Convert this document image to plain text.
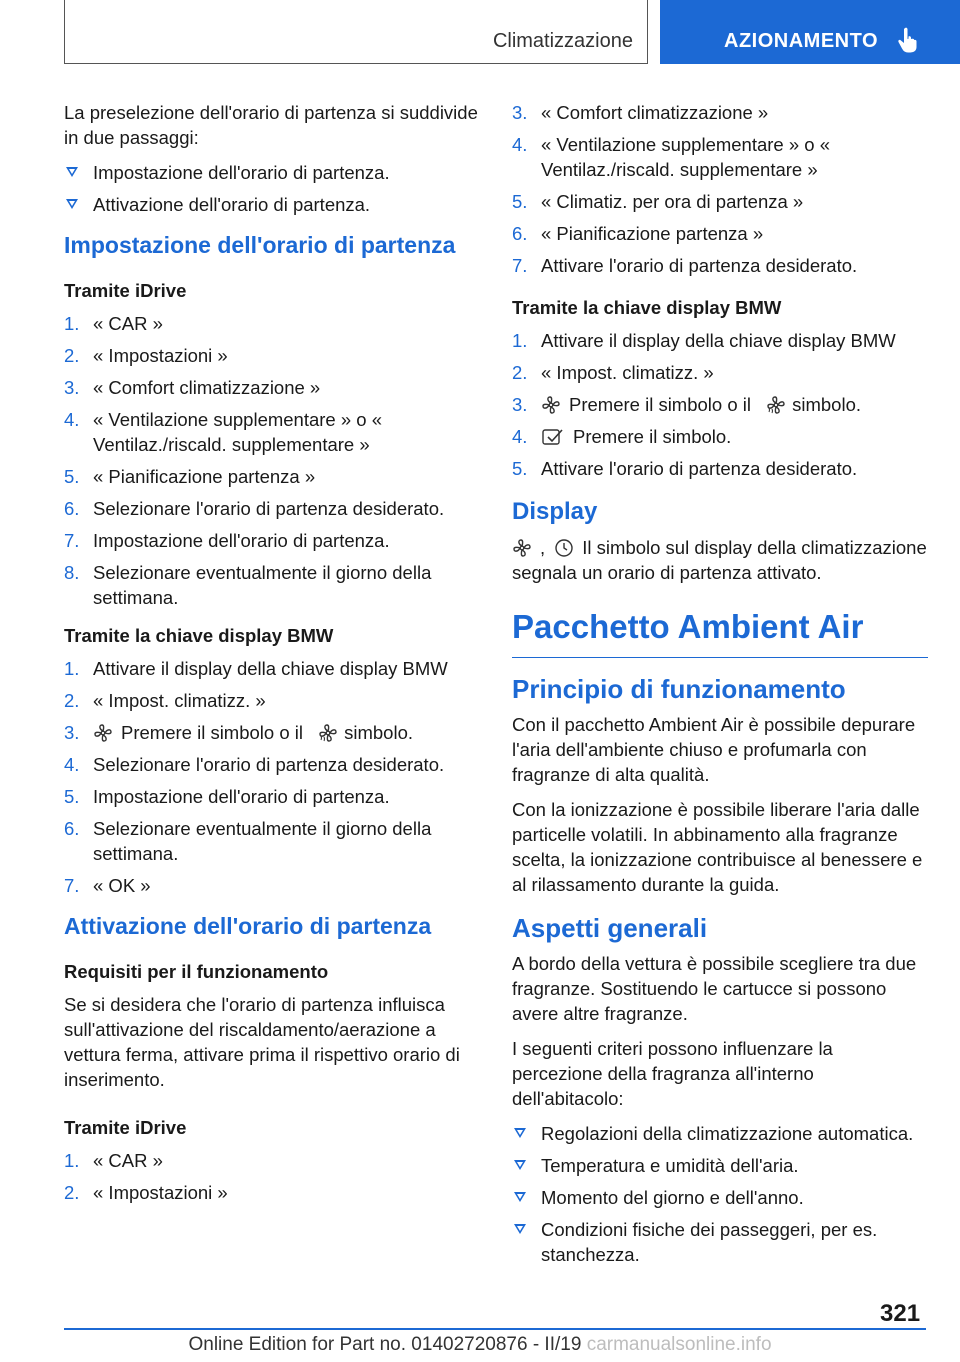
Climatizzazione	AZIONAMENTO

La preselezione dell'orario di partenza si suddivide in due passaggi:

Impostazione dell'orario di partenza.
Attivazione dell'orario di partenza.
Impostazione dell'orario di partenza
Tramite iDrive
1. « CAR »
2. « Impostazioni »
3. « Comfort climatizzazione »
4. « Ventilazione supplementare » o « Ventilaz./riscald. supplementare »
5. « Pianificazione partenza »
6. Selezionare l'orario di partenza desiderato.
7. Impostazione dell'orario di partenza.
8. Selezionare eventualmente il giorno della settimana.
Tramite la chiave display BMW
1. Attivare il display della chiave display BMW
2. « Impost. climatizz. »
3. Premere il simbolo o il simbolo.
4. Selezionare l'orario di partenza desiderato.
5. Impostazione dell'orario di partenza.
6. Selezionare eventualmente il giorno della settimana.
7. « OK »
Attivazione dell'orario di partenza
Requisiti per il funzionamento

Se si desidera che l'orario di partenza influisca sull'attivazione del riscaldamento/aerazione a vettura ferma, attivare prima il rispettivo orario di inserimento.

Tramite iDrive
1. « CAR »
2. « Impostazioni »
3. « Comfort climatizzazione »
4. « Ventilazione supplementare » o « Ventilaz./riscald. supplementare »
5. « Climatiz. per ora di partenza »
6. « Pianificazione partenza »
7. Attivare l'orario di partenza desiderato.
Tramite la chiave display BMW
1. Attivare il display della chiave display BMW
2. « Impost. climatizz. »
3. Premere il simbolo o il simbolo.
4. Premere il simbolo.
5. Attivare l'orario di partenza desiderato.
Display

, Il simbolo sul display della climatizzazione segnala un orario di partenza attivato.

Pacchetto Ambient Air
Principio di funzionamento

Con il pacchetto Ambient Air è possibile depurare l'aria dell'ambiente chiuso e profumarla con fragranze di alta qualità.

Con la ionizzazione è possibile liberare l'aria dalle particelle volatili. In abbinamento alla fragranze scelta, la ionizzazione contribuisce al benessere e al rilassamento durante la guida.

Aspetti generali

A bordo della vettura è possibile scegliere tra due fragranze. Sostituendo le cartucce si possono avere altre fragranze.

I seguenti criteri possono influenzare la percezione della fragranza all'interno dell'abitacolo:

Regolazioni della climatizzazione automatica.
Temperatura e umidità dell'aria.
Momento del giorno e dell'anno.
Condizioni fisiche dei passeggeri, per es. stanchezza.
321
Online Edition for Part no. 01402720876 - II/19 carmanualsonline.info
